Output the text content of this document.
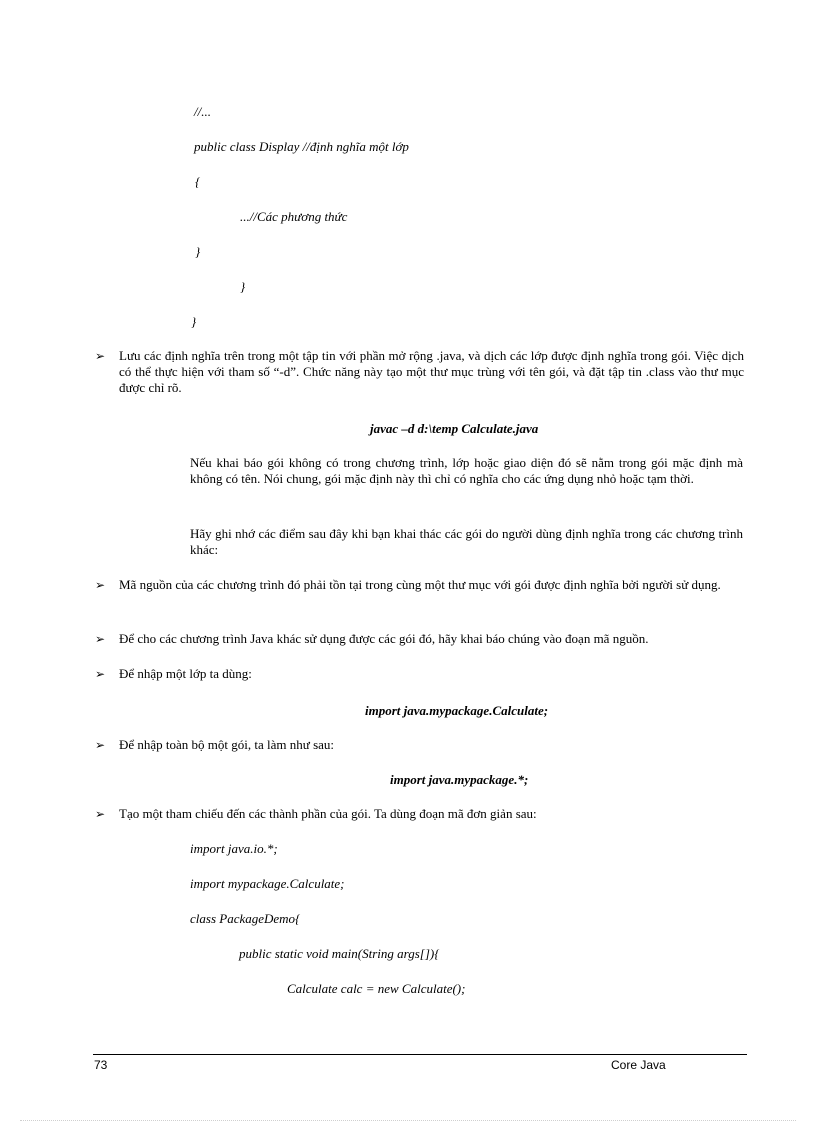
//...
public class Display //định nghĩa một lớp
{
...//Các phương thức
}
}
}
➢ Lưu các định nghĩa trên trong một tập tin với phần mở rộng .java, và dịch các lớp được định nghĩa trong gói. Việc dịch có thể thực hiện với tham số “-d”. Chức năng này tạo một thư mục trùng với tên gói, và đặt tập tin .class vào thư mục được chỉ rõ.
javac –d d:\temp Calculate.java
Nếu khai báo gói không có trong chương trình, lớp hoặc giao diện đó sẽ nằm trong gói mặc định mà không có tên. Nói chung, gói mặc định này thì chỉ có nghĩa cho các ứng dụng nhỏ hoặc tạm thời.
Hãy ghi nhớ các điểm sau đây khi bạn khai thác các gói do người dùng định nghĩa trong các chương trình khác:
➢ Mã nguồn của các chương trình đó phải tồn tại trong cùng một thư mục với gói được định nghĩa bởi người sử dụng.
➢ Để cho các chương trình Java khác sử dụng được các gói đó, hãy khai báo chúng vào đoạn mã nguồn.
➢ Để nhập một lớp ta dùng:
import java.mypackage.Calculate;
➢ Để nhập toàn bộ một gói, ta làm như sau:
import java.mypackage.*;
➢ Tạo một tham chiếu đến các thành phần của gói. Ta dùng đoạn mã đơn giản sau:
import java.io.*;
import mypackage.Calculate;
class PackageDemo{
public static void main(String args[]){
Calculate calc = new Calculate();
73	Core Java
